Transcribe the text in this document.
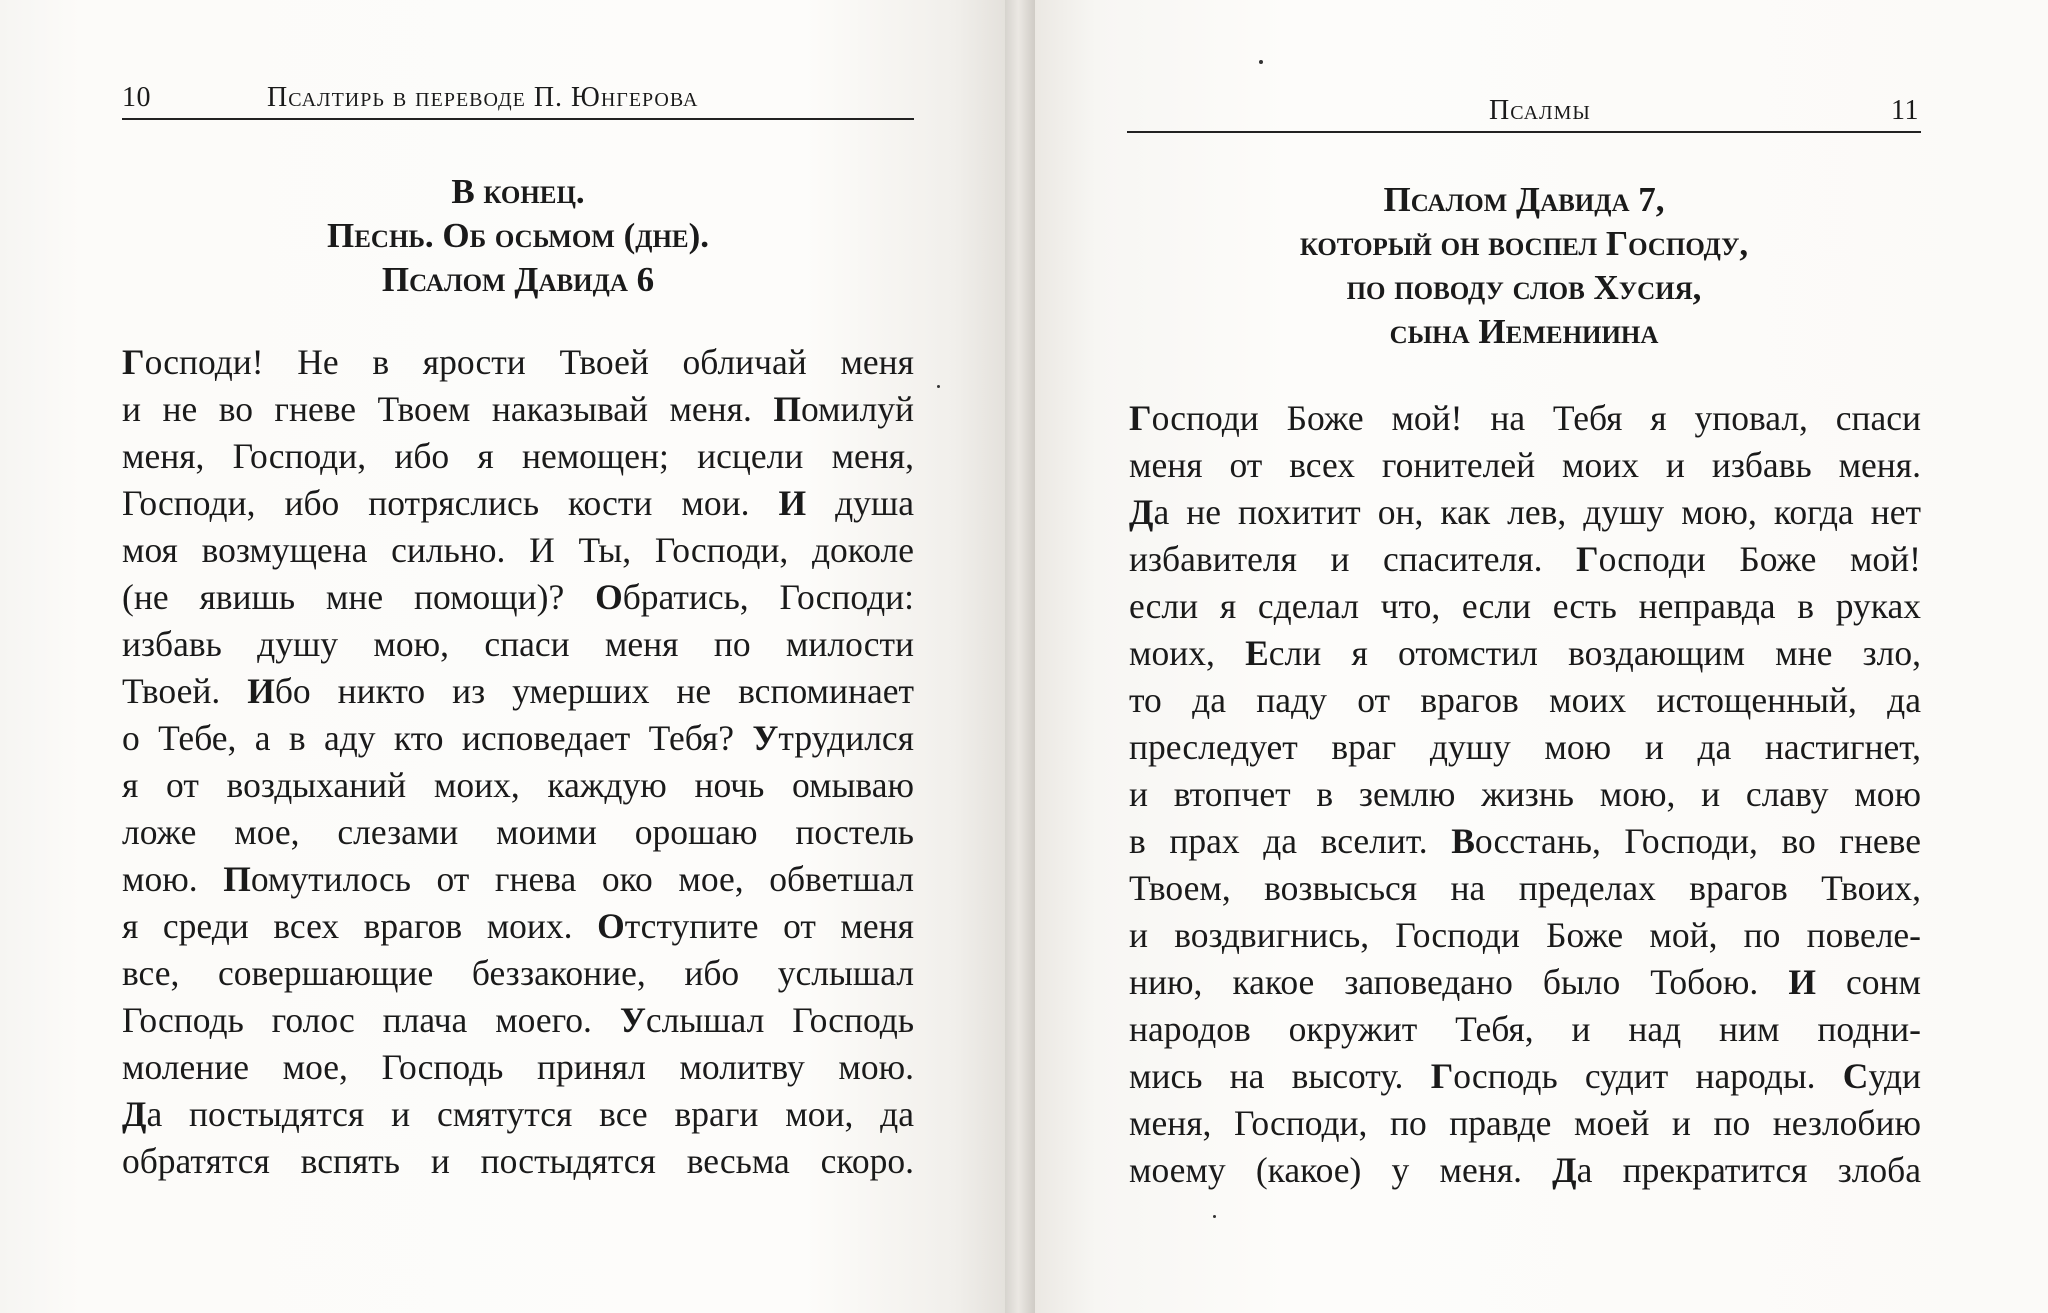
10	Псалтирь в переводе П. Юнгерова
В конец.
Песнь. Об осьмом (дне).
Псалом Давида 6
Господи! Не в ярости Твоей обличай меня
и не во гневе Твоем наказывай меня. Помилуй
меня, Господи, ибо я немощен; исцели меня,
Господи, ибо потряслись кости мои. И душа
моя возмущена сильно. И Ты, Господи, доколе
(не явишь мне помощи)? Обратись, Господи:
избавь душу мою, спаси меня по милости
Твоей. Ибо никто из умерших не вспоминает
о Тебе, а в аду кто исповедает Тебя? Утрудился
я от воздыханий моих, каждую ночь омываю
ложе мое, слезами моими орошаю постель
мою. Помутилось от гнева око мое, обветшал
я среди всех врагов моих. Отступите от меня
все, совершающие беззаконие, ибо услышал
Господь голос плача моего. Услышал Господь
моление мое, Господь принял молитву мою.
Да постыдятся и смятутся все враги мои, да
обратятся вспять и постыдятся весьма скоро.
Псалмы	11
Псалом Давида 7,
который он воспел Господу,
по поводу слов Хусия,
сына Иемениина
Господи Боже мой! на Тебя я уповал, спаси
меня от всех гонителей моих и избавь меня.
Да не похитит он, как лев, душу мою, когда нет
избавителя и спасителя. Господи Боже мой!
если я сделал что, если есть неправда в руках
моих, Если я отомстил воздающим мне зло,
то да паду от врагов моих истощенный, да
преследует враг душу мою и да настигнет,
и втопчет в землю жизнь мою, и славу мою
в прах да вселит. Восстань, Господи, во гневе
Твоем, возвысься на пределах врагов Твоих,
и воздвигнись, Господи Боже мой, по повеле-
нию, какое заповедано было Тобою. И сонм
народов окружит Тебя, и над ним подни-
мись на высоту. Господь судит народы. Суди
меня, Господи, по правде моей и по незлобию
моему (какое) у меня. Да прекратится злоба
